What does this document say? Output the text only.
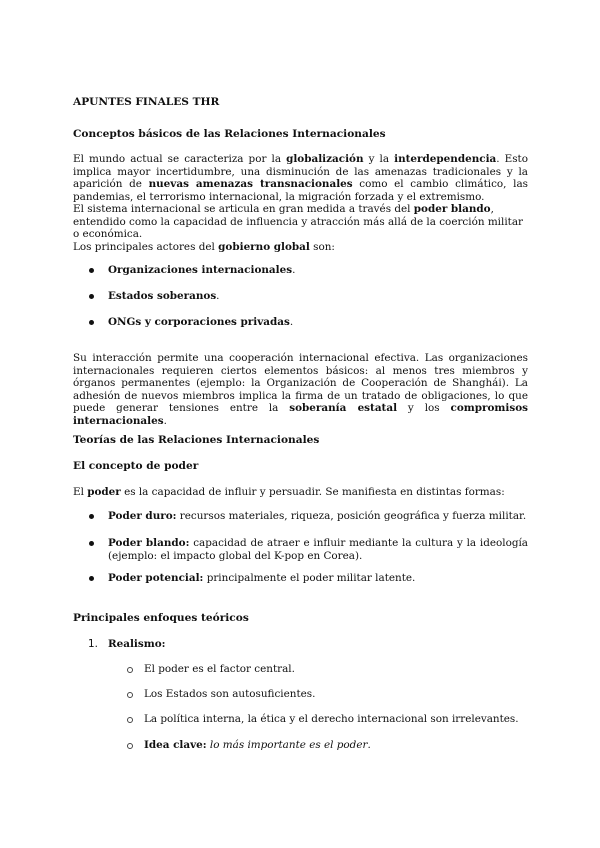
APUNTES FINALES THR
Conceptos básicos de las Relaciones Internacionales
El mundo actual se caracteriza por la globalización y la interdependencia. Esto implica mayor incertidumbre, una disminución de las amenazas tradicionales y la aparición de nuevas amenazas transnacionales como el cambio climático, las pandemias, el terrorismo internacional, la migración forzada y el extremismo.
El sistema internacional se articula en gran medida a través del poder blando, entendido como la capacidad de influencia y atracción más allá de la coerción militar o económica.
Los principales actores del gobierno global son:
Organizaciones internacionales.
Estados soberanos.
ONGs y corporaciones privadas.
Su interacción permite una cooperación internacional efectiva. Las organizaciones internacionales requieren ciertos elementos básicos: al menos tres miembros y órganos permanentes (ejemplo: la Organización de Cooperación de Shanghái). La adhesión de nuevos miembros implica la firma de un tratado de obligaciones, lo que puede generar tensiones entre la soberanía estatal y los compromisos internacionales.
Teorías de las Relaciones Internacionales
El concepto de poder
El poder es la capacidad de influir y persuadir. Se manifiesta en distintas formas:
Poder duro: recursos materiales, riqueza, posición geográfica y fuerza militar.
Poder blando: capacidad de atraer e influir mediante la cultura y la ideología (ejemplo: el impacto global del K-pop en Corea).
Poder potencial: principalmente el poder militar latente.
Principales enfoques teóricos
1. Realismo:
El poder es el factor central.
Los Estados son autosuficientes.
La política interna, la ética y el derecho internacional son irrelevantes.
Idea clave: lo más importante es el poder.
